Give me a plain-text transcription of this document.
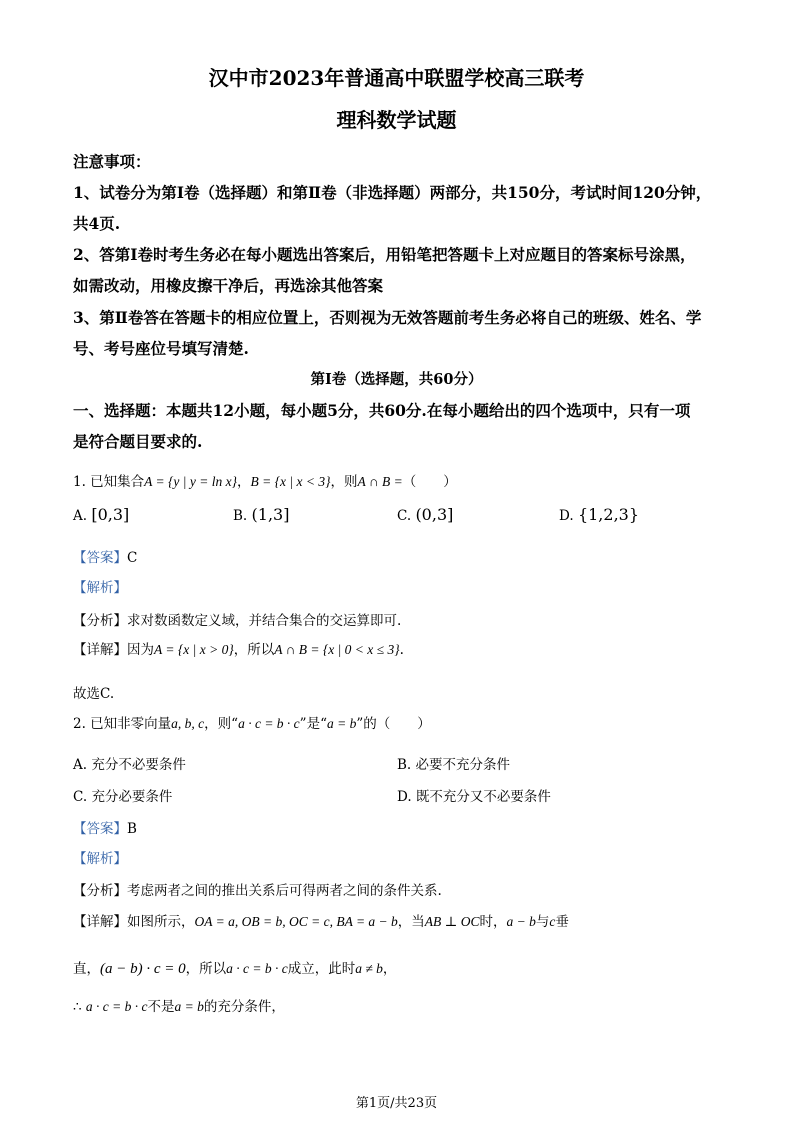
汉中市2023年普通高中联盟学校高三联考
理科数学试题
注意事项：
1、试卷分为第Ⅰ卷（选择题）和第Ⅱ卷（非选择题）两部分，共150分，考试时间120分钟，
共4页.
2、答第Ⅰ卷时考生务必在每小题选出答案后，用铅笔把答题卡上对应题目的答案标号涂黑，
如需改动，用橡皮擦干净后，再选涂其他答案
3、第Ⅱ卷答在答题卡的相应位置上，否则视为无效答题前考生务必将自己的班级、姓名、学
号、考号座位号填写清楚.
第Ⅰ卷（选择题，共60分）
一、选择题：本题共12小题，每小题5分，共60分.在每小题给出的四个选项中，只有一项
是符合题目要求的.
1. 已知集合A = {y | y = ln x}，B = {x | x < 3}，则A ∩ B =（　　）
A. [0,3]	B. (1,3]	C. (0,3]	D. {1,2,3}
【答案】C
【解析】
【分析】求对数函数定义域，并结合集合的交运算即可.
【详解】因为A = {x | x > 0}，所以A ∩ B = {x | 0 < x ≤ 3}.
故选C.
2. 已知非零向量a, b, c，则“a · c = b · c”是“a = b”的（　　）
A. 充分不必要条件	B. 必要不充分条件
C. 充分必要条件	D. 既不充分又不必要条件
【答案】B
【解析】
【分析】考虑两者之间的推出关系后可得两者之间的条件关系.
【详解】如图所示，OA = a, OB = b, OC = c, BA = a − b，当AB ⊥ OC时，a − b与c垂
直，(a − b) · c = 0，所以a · c = b · c成立，此时a ≠ b，
∴ a · c = b · c不是a = b的充分条件，
第1页/共23页
